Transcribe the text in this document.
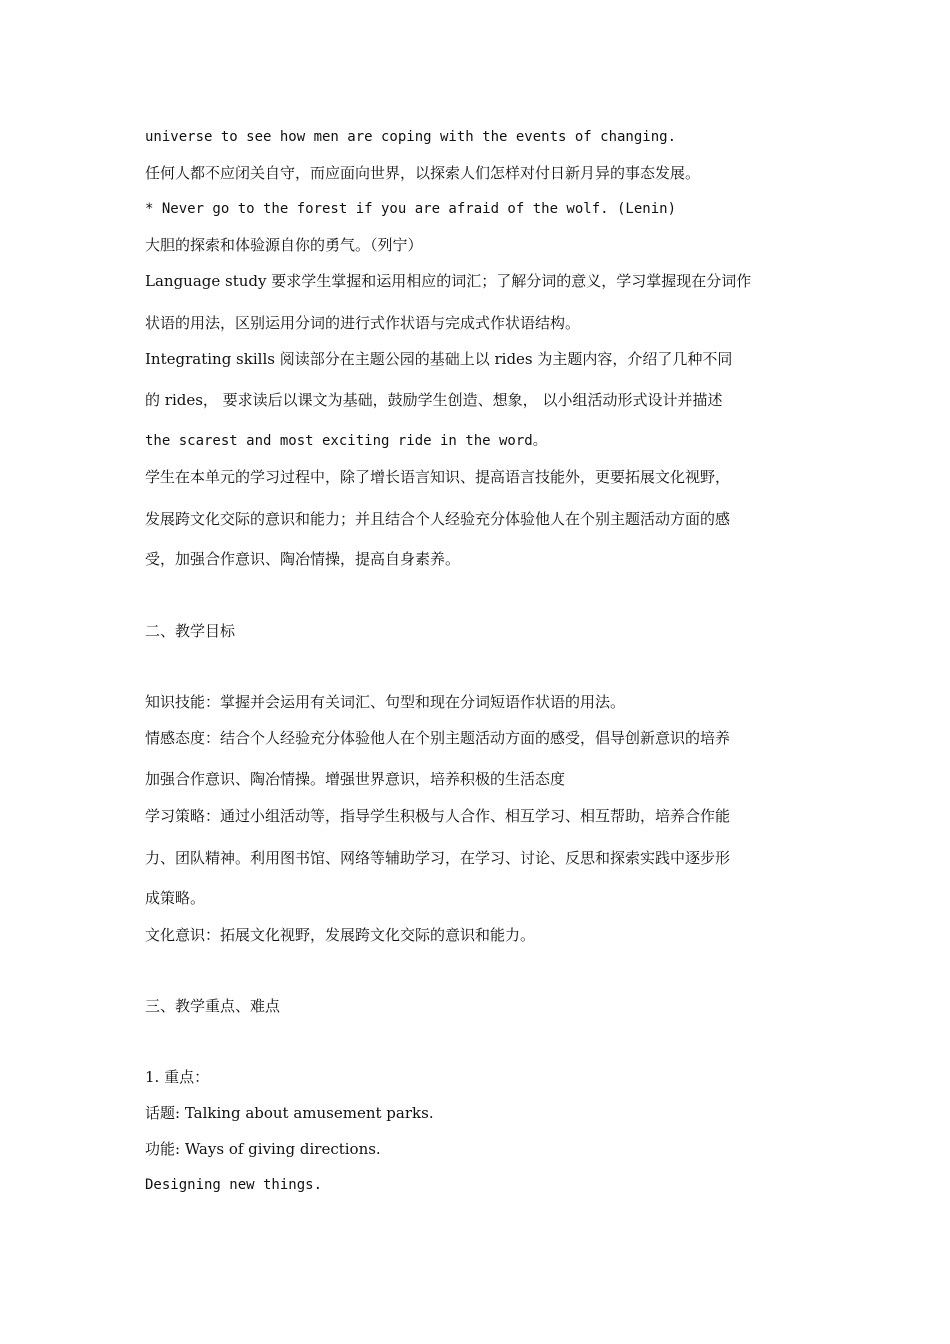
universe to see how men are coping with the events of changing.
任何人都不应闭关自守，而应面向世界，以探索人们怎样对付日新月异的事态发展。
* Never go to the forest if you are afraid of the wolf. (Lenin)
大胆的探索和体验源自你的勇气。（列宁）
Language study 要求学生掌握和运用相应的词汇；了解分词的意义，学习掌握现在分词作
状语的用法，区别运用分词的进行式作状语与完成式作状语结构。
Integrating skills 阅读部分在主题公园的基础上以 rides 为主题内容，介绍了几种不同
的 rides， 要求读后以课文为基础，鼓励学生创造、想象， 以小组活动形式设计并描述
the scarest and most exciting ride in the word。
学生在本单元的学习过程中，除了增长语言知识、提高语言技能外，更要拓展文化视野，
发展跨文化交际的意识和能力；并且结合个人经验充分体验他人在个别主题活动方面的感
受，加强合作意识、陶冶情操，提高自身素养。
二、教学目标
知识技能：掌握并会运用有关词汇、句型和现在分词短语作状语的用法。
情感态度：结合个人经验充分体验他人在个别主题活动方面的感受，倡导创新意识的培养
加强合作意识、陶冶情操。增强世界意识，培养积极的生活态度
学习策略：通过小组活动等，指导学生积极与人合作、相互学习、相互帮助，培养合作能
力、团队精神。利用图书馆、网络等辅助学习，在学习、讨论、反思和探索实践中逐步形
成策略。
文化意识：拓展文化视野，发展跨文化交际的意识和能力。
三、教学重点、难点
1. 重点：
话题: Talking about amusement parks.
功能: Ways of giving directions.
Designing new things.
